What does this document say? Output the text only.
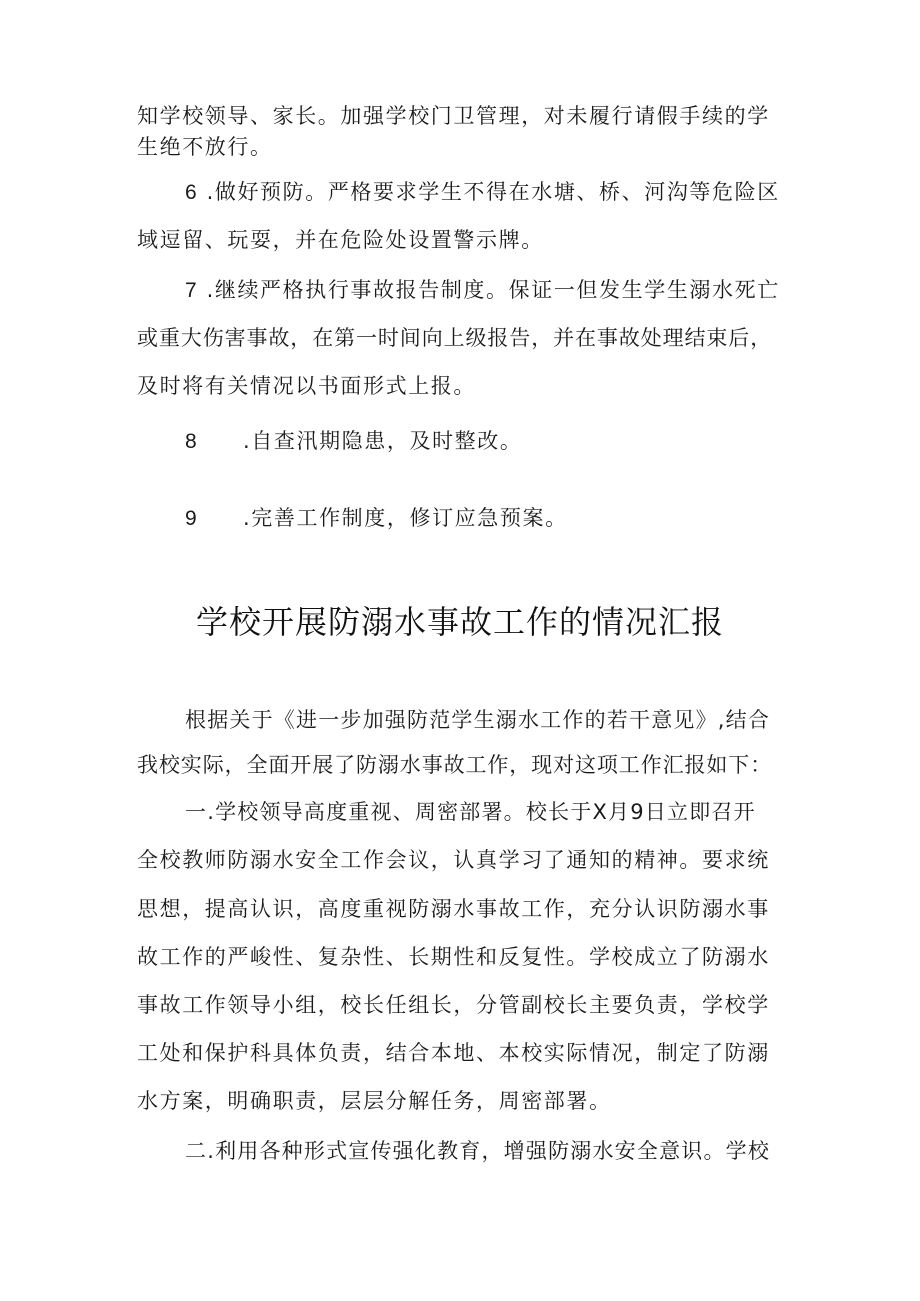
知学校领导、家长。加强学校门卫管理，对未履行请假手续的学
生绝不放行。
6 .做好预防。严格要求学生不得在水塘、桥、河沟等危险区
域逗留、玩耍，并在危险处设置警示牌。
7 .继续严格执行事故报告制度。保证一但发生学生溺水死亡
或重大伤害事故，在第一时间向上级报告，并在事故处理结束后，
及时将有关情况以书面形式上报。
8 .自查汛期隐患，及时整改。
9 .完善工作制度，修订应急预案。
学校开展防溺水事故工作的情况汇报
根据关于《进一步加强防范学生溺水工作的若干意见》,结合
我校实际，全面开展了防溺水事故工作，现对这项工作汇报如下：
一.学校领导高度重视、周密部署。校长于X月9日立即召开
全校教师防溺水安全工作会议，认真学习了通知的精神。要求统
思想，提高认识，高度重视防溺水事故工作，充分认识防溺水事
故工作的严峻性、复杂性、长期性和反复性。学校成立了防溺水
事故工作领导小组，校长任组长，分管副校长主要负责，学校学
工处和保护科具体负责，结合本地、本校实际情况，制定了防溺
水方案，明确职责，层层分解任务，周密部署。
二.利用各种形式宣传强化教育，增强防溺水安全意识。学校
